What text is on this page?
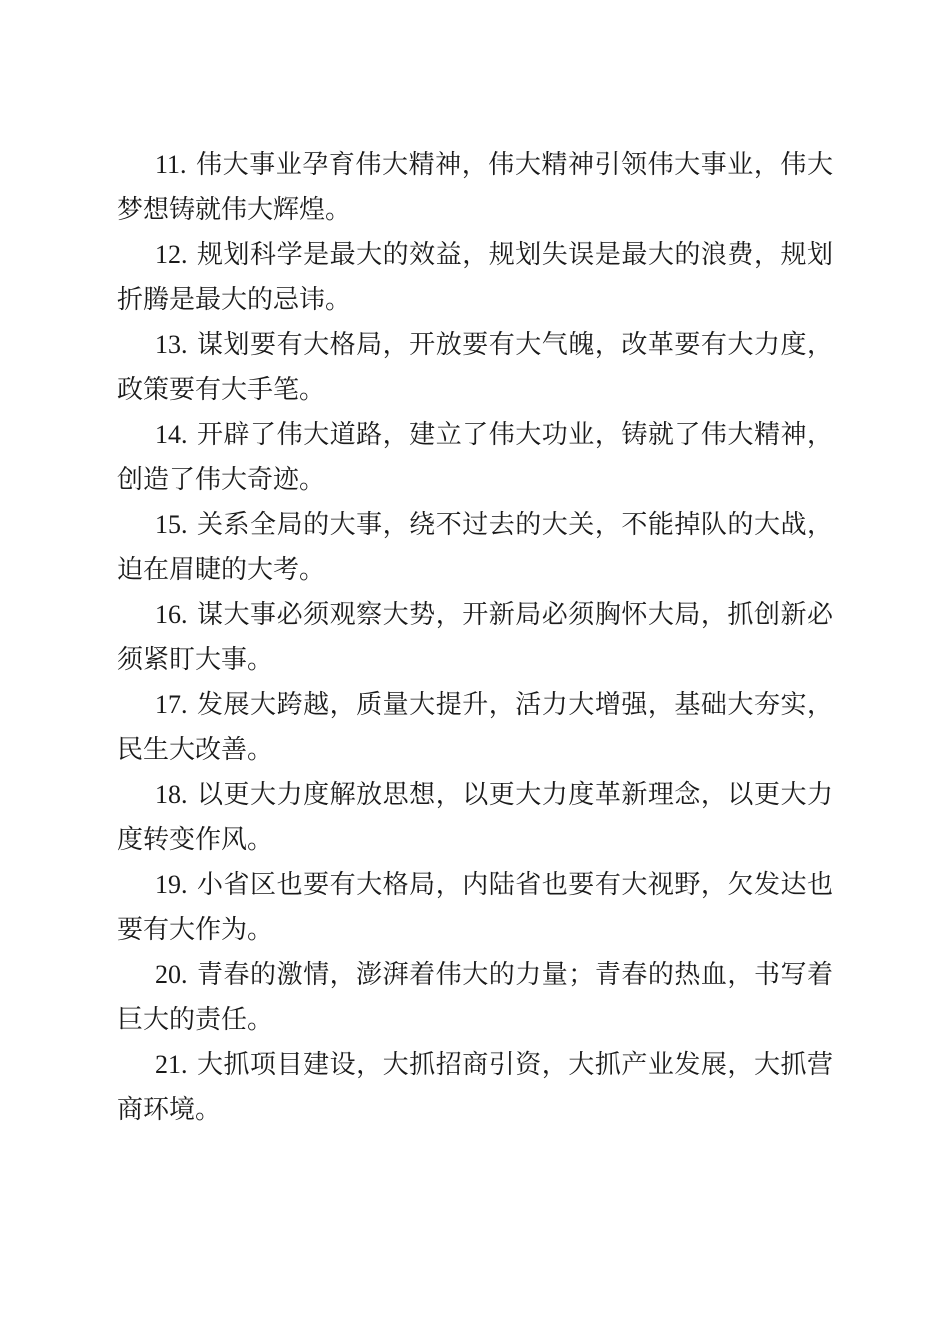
11. 伟大事业孕育伟大精神，伟大精神引领伟大事业，伟大梦想铸就伟大辉煌。

12. 规划科学是最大的效益，规划失误是最大的浪费，规划折腾是最大的忌讳。

13. 谋划要有大格局，开放要有大气魄，改革要有大力度，政策要有大手笔。

14. 开辟了伟大道路，建立了伟大功业，铸就了伟大精神，创造了伟大奇迹。

15. 关系全局的大事，绕不过去的大关，不能掉队的大战，迫在眉睫的大考。

16. 谋大事必须观察大势，开新局必须胸怀大局，抓创新必须紧盯大事。

17. 发展大跨越，质量大提升，活力大增强，基础大夯实，民生大改善。

18. 以更大力度解放思想，以更大力度革新理念，以更大力度转变作风。

19. 小省区也要有大格局，内陆省也要有大视野，欠发达也要有大作为。

20. 青春的激情，澎湃着伟大的力量；青春的热血，书写着巨大的责任。

21. 大抓项目建设，大抓招商引资，大抓产业发展，大抓营商环境。
